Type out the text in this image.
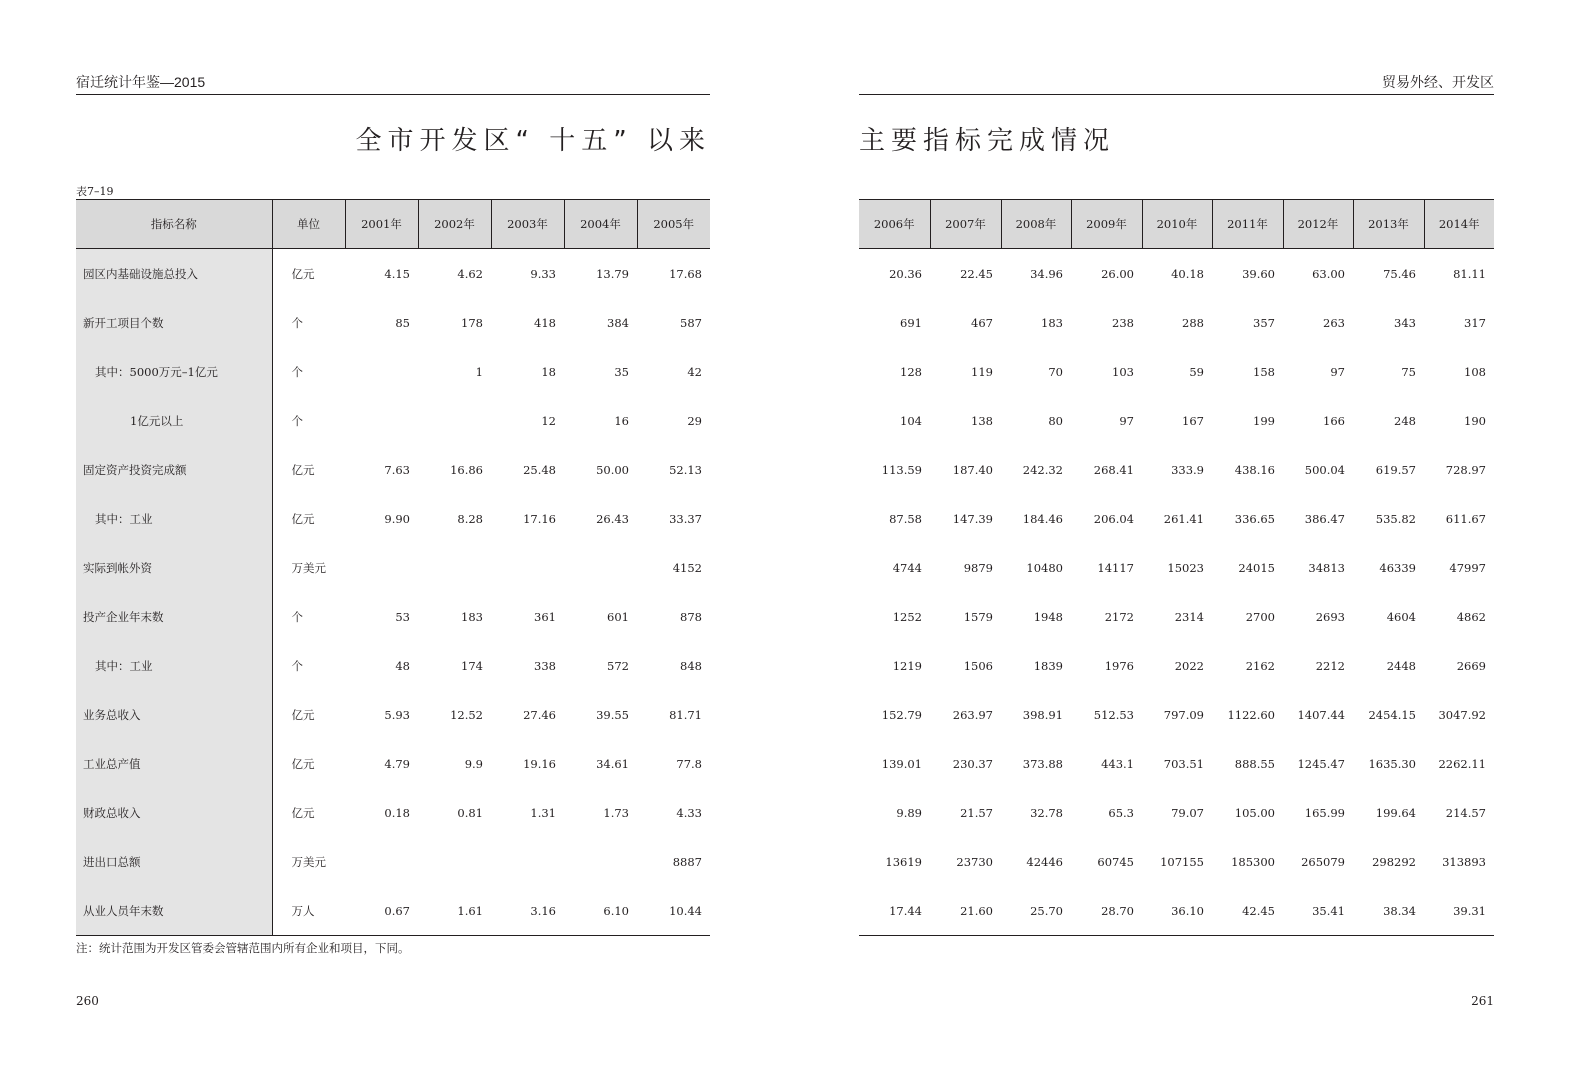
宿迁统计年鉴—2015
全市开发区“ 十五” 以来
表7–19
指标名称	单位	2001年	2002年	2003年	2004年	2005年
园区内基础设施总投入	亿元	4.15	4.62	9.33	13.79	17.68
新开工项目个数	个	85	178	418	384	587
其中：5000万元–1亿元	个		1	18	35	42
1亿元以上	个			12	16	29
固定资产投资完成额	亿元	7.63	16.86	25.48	50.00	52.13
其中：工业	亿元	9.90	8.28	17.16	26.43	33.37
实际到帐外资	万美元					4152
投产企业年末数	个	53	183	361	601	878
其中：工业	个	48	174	338	572	848
业务总收入	亿元	5.93	12.52	27.46	39.55	81.71
工业总产值	亿元	4.79	9.9	19.16	34.61	77.8
财政总收入	亿元	0.18	0.81	1.31	1.73	4.33
进出口总额	万美元					8887
从业人员年末数	万人	0.67	1.61	3.16	6.10	10.44
注：统计范围为开发区管委会管辖范围内所有企业和项目，下同。
260
贸易外经、开发区
主要指标完成情况
2006年	2007年	2008年	2009年	2010年	2011年	2012年	2013年	2014年
20.36	22.45	34.96	26.00	40.18	39.60	63.00	75.46	81.11
691	467	183	238	288	357	263	343	317
128	119	70	103	59	158	97	75	108
104	138	80	97	167	199	166	248	190
113.59	187.40	242.32	268.41	333.9	438.16	500.04	619.57	728.97
87.58	147.39	184.46	206.04	261.41	336.65	386.47	535.82	611.67
4744	9879	10480	14117	15023	24015	34813	46339	47997
1252	1579	1948	2172	2314	2700	2693	4604	4862
1219	1506	1839	1976	2022	2162	2212	2448	2669
152.79	263.97	398.91	512.53	797.09	1122.60	1407.44	2454.15	3047.92
139.01	230.37	373.88	443.1	703.51	888.55	1245.47	1635.30	2262.11
9.89	21.57	32.78	65.3	79.07	105.00	165.99	199.64	214.57
13619	23730	42446	60745	107155	185300	265079	298292	313893
17.44	21.60	25.70	28.70	36.10	42.45	35.41	38.34	39.31
261
